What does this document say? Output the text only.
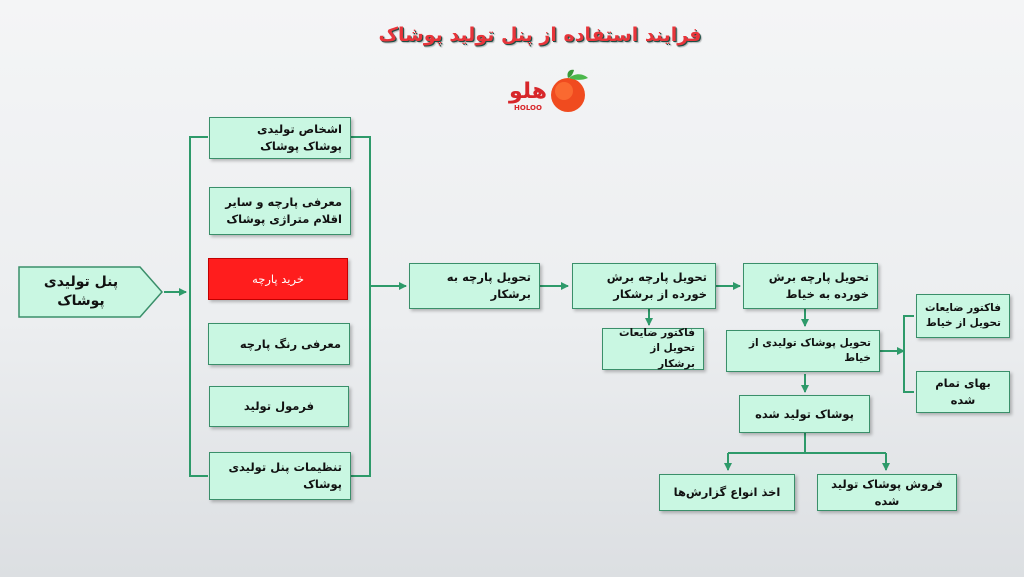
فرایند استفاده از پنل تولید پوشاک
هلو
HOLOO
پنل تولیدی پوشاک
اشخاص تولیدی پوشاک پوشاک
معرفی پارچه و سایر اقلام متراژی پوشاک
خرید پارچه
معرفی رنگ پارچه
فرمول تولید
تنظیمات پنل تولیدی پوشاک
تحویل پارچه به برشکار
تحویل پارچه برش خورده از برشکار
فاکتور ضایعات تحویل از برشکار
تحویل پارچه برش خورده به خیاط
تحویل پوشاک تولیدی از خیاط
فاکتور ضایعات تحویل از خیاط
بهای تمام شده
پوشاک تولید شده
اخذ انواع گزارش‌ها
فروش پوشاک تولید شده
